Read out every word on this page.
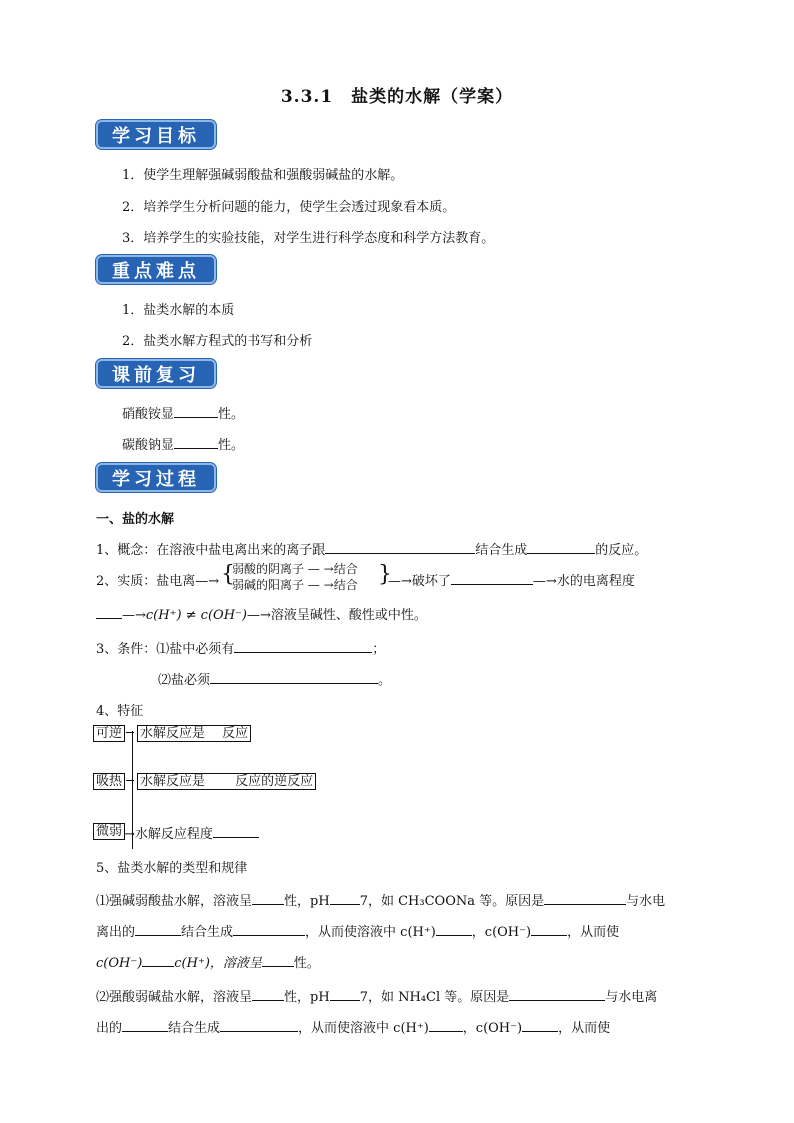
3.3.1　盐类的水解（学案）
学习目标
1．使学生理解强碱弱酸盐和强酸弱碱盐的水解。
2．培养学生分析问题的能力，使学生会透过现象看本质。
3．培养学生的实验技能，对学生进行科学态度和科学方法教育。
重点难点
1．盐类水解的本质
2．盐类水解方程式的书写和分析
课前复习
硝酸铵显	性。
碳酸钠显	性。
学习过程
一、盐的水解
1、概念：在溶液中盐电离出来的离子跟	结合生成	的反应。
2、实质：盐电离—→ {
弱酸的阴离子 — →结合
弱碱的阳离子 — →结合 }
—→破坏了	—→水的电离程度
—→c(H⁺) ≠ c(OH⁻)—→溶液呈碱性、酸性或中性。
3、条件：⑴盐中必须有	；
⑵盐必须	。
4、特征
可逆 水解反应是　 反应
吸热 水解反应是　　 反应的逆反应
微弱 →水解反应程度
5、盐类水解的类型和规律
⑴强碱弱酸盐水解，溶液呈 性，pH 7，如 CH₃COONa 等。原因是	与水电
离出的	结合生成	，从而使溶液中 c(H⁺)	，c(OH⁻)	，从而使
c(OH⁻) c(H⁺)，溶液呈 性。
⑵强酸弱碱盐水解，溶液呈 性，pH 7，如 NH₄Cl 等。原因是	与水电离
出的	结合生成	，从而使溶液中 c(H⁺)	，c(OH⁻)	，从而使
